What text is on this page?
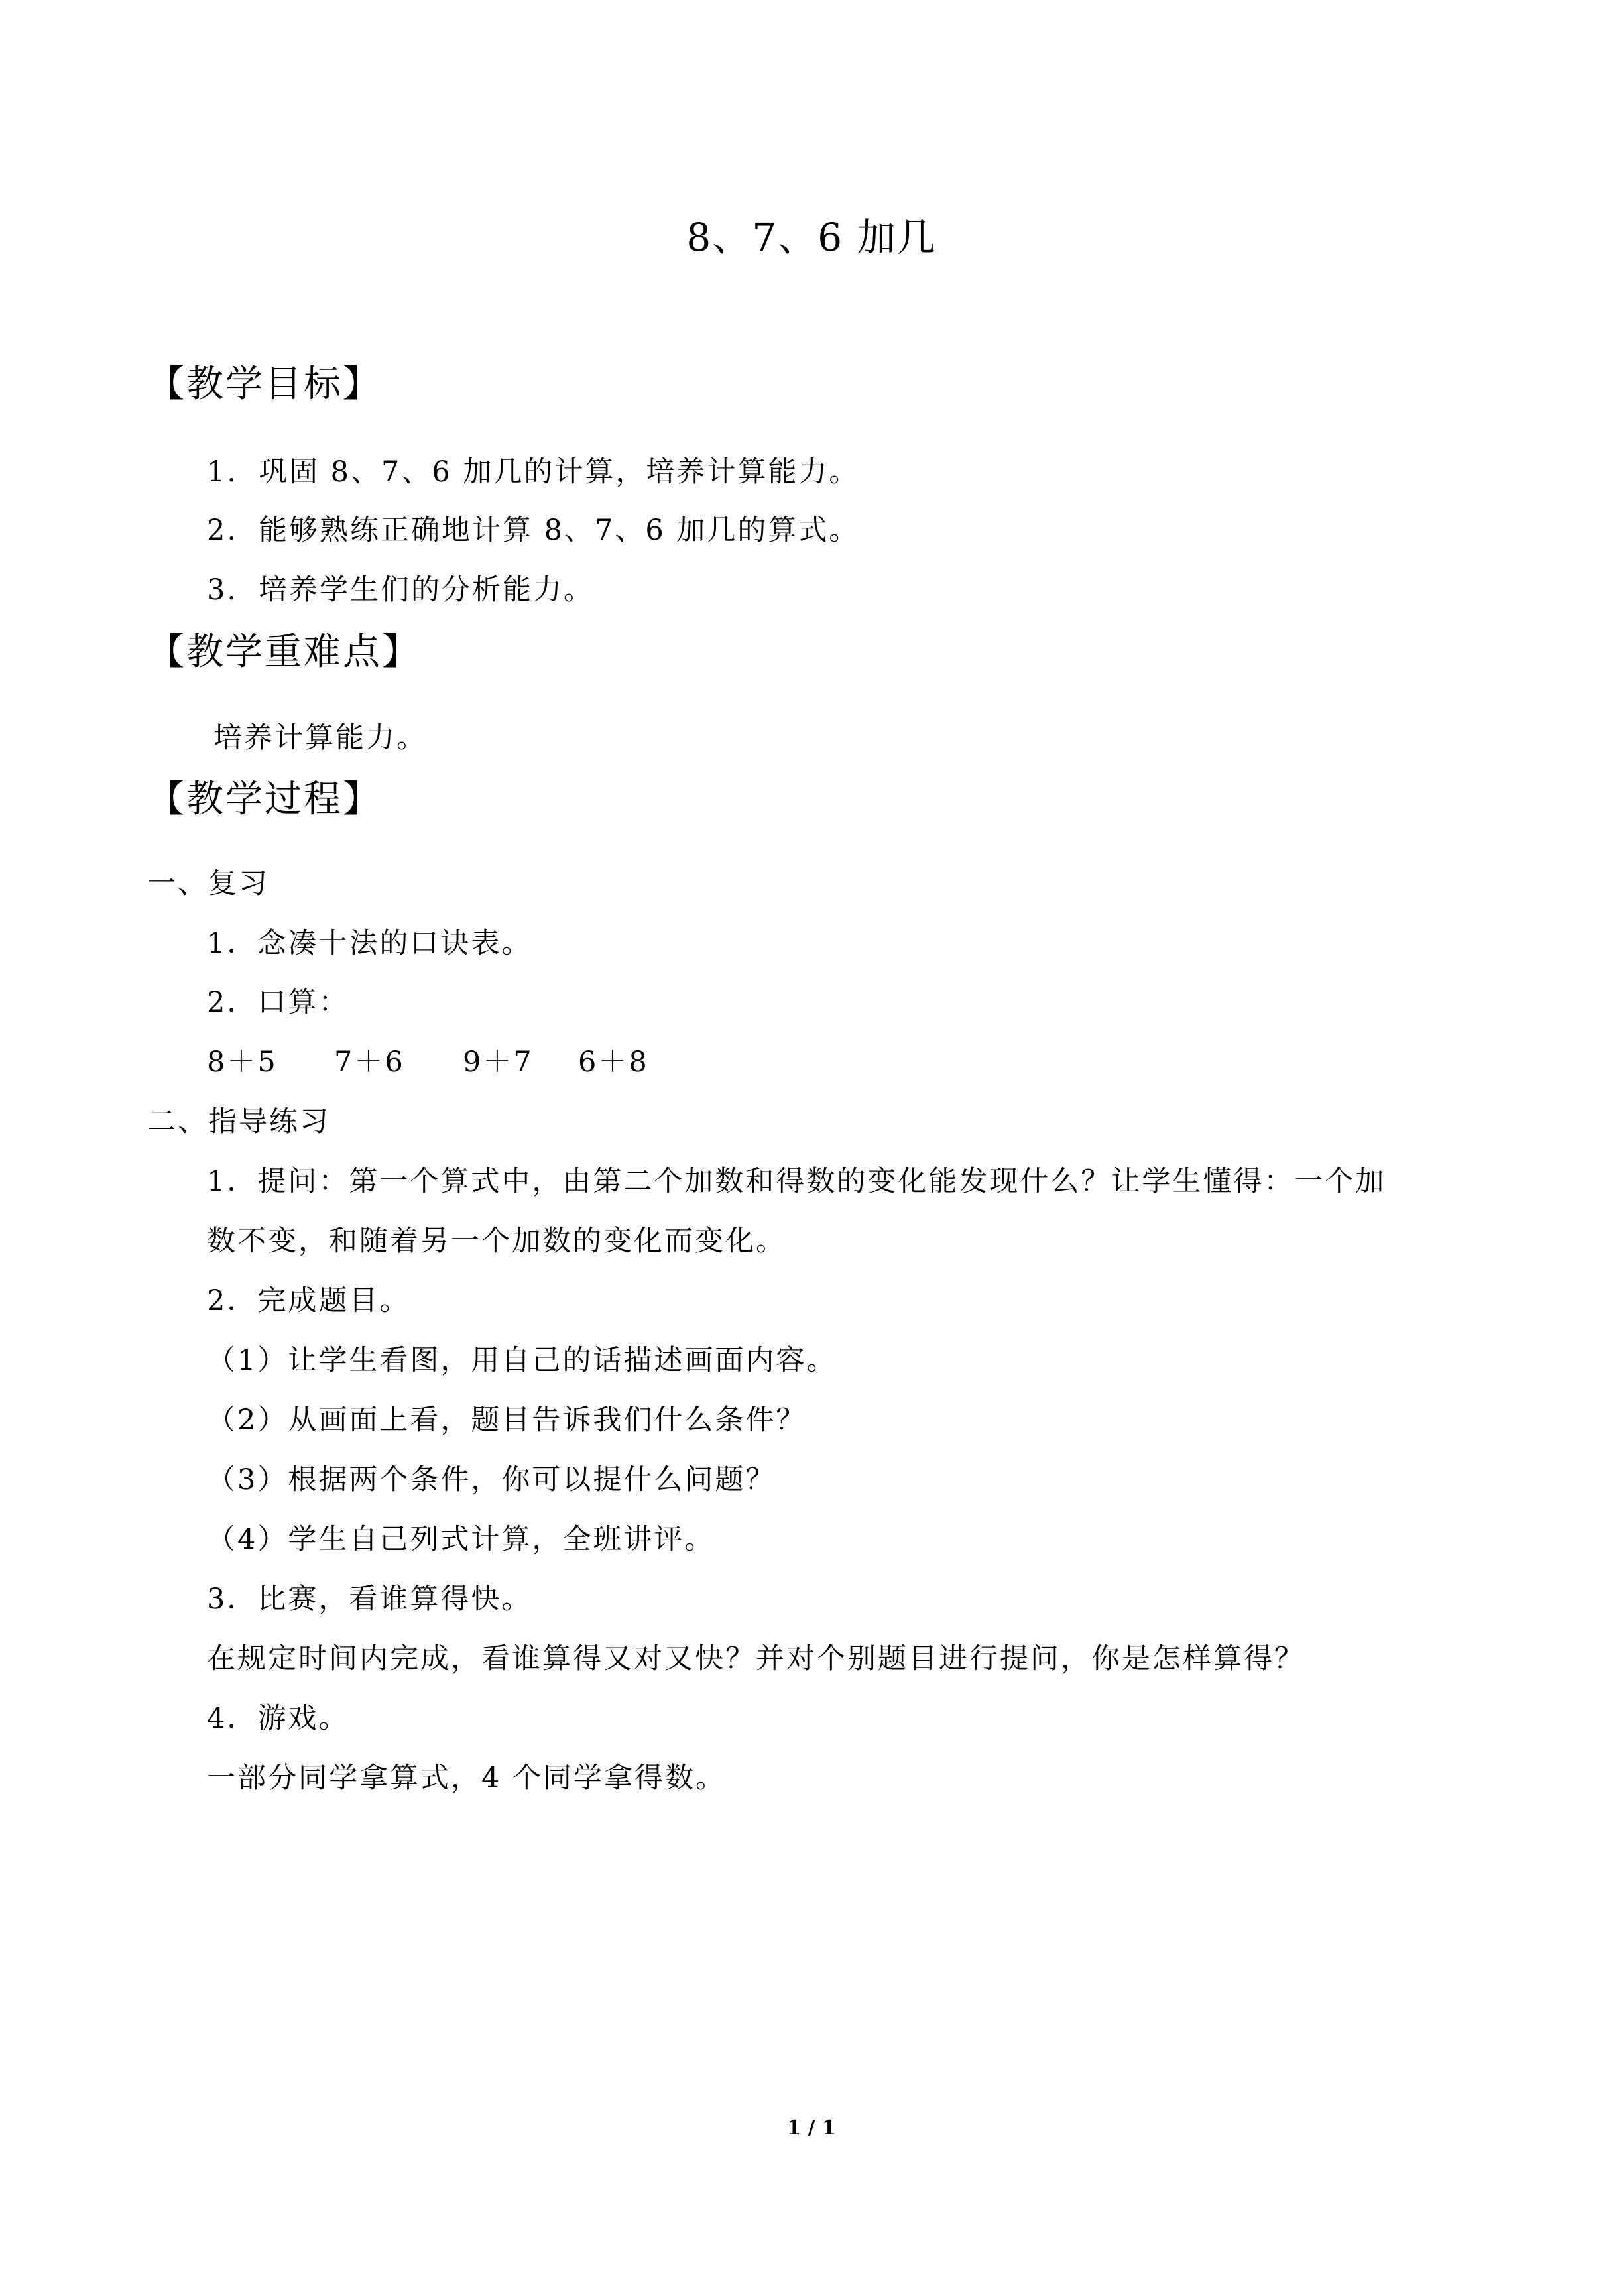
8、7、6 加几
【教学目标】
1. 巩固 8、7、6 加几的计算，培养计算能力。
2. 能够熟练正确地计算 8、7、6 加几的算式。
3. 培养学生们的分析能力。
【教学重难点】
培养计算能力。
【教学过程】
一、复习
1．念凑十法的口诀表。
2．口算：
8＋5 7＋6 9＋7 6＋8
二、指导练习
1．提问：第一个算式中，由第二个加数和得数的变化能发现什么？让学生懂得：一个加
数不变，和随着另一个加数的变化而变化。
2．完成题目。
（1）让学生看图，用自己的话描述画面内容。
（2）从画面上看，题目告诉我们什么条件？
（3）根据两个条件，你可以提什么问题？
（4）学生自己列式计算，全班讲评。
3．比赛，看谁算得快。
在规定时间内完成，看谁算得又对又快？并对个别题目进行提问，你是怎样算得？
4．游戏。
一部分同学拿算式，4 个同学拿得数。
1 / 1
